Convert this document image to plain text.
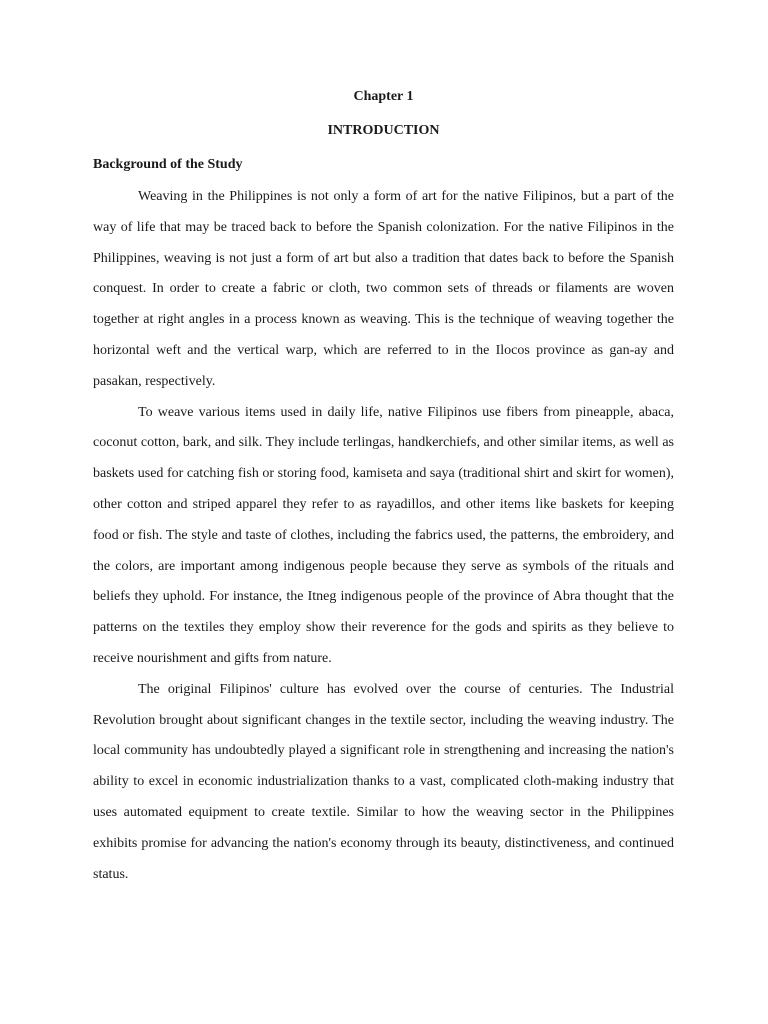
Chapter 1
INTRODUCTION
Background of the Study

Weaving in the Philippines is not only a form of art for the native Filipinos, but a part of the way of life that may be traced back to before the Spanish colonization. For the native Filipinos in the Philippines, weaving is not just a form of art but also a tradition that dates back to before the Spanish conquest. In order to create a fabric or cloth, two common sets of threads or filaments are woven together at right angles in a process known as weaving. This is the technique of weaving together the horizontal weft and the vertical warp, which are referred to in the Ilocos province as gan-ay and pasakan, respectively.

To weave various items used in daily life, native Filipinos use fibers from pineapple, abaca, coconut cotton, bark, and silk. They include terlingas, handkerchiefs, and other similar items, as well as baskets used for catching fish or storing food, kamiseta and saya (traditional shirt and skirt for women), other cotton and striped apparel they refer to as rayadillos, and other items like baskets for keeping food or fish. The style and taste of clothes, including the fabrics used, the patterns, the embroidery, and the colors, are important among indigenous people because they serve as symbols of the rituals and beliefs they uphold. For instance, the Itneg indigenous people of the province of Abra thought that the patterns on the textiles they employ show their reverence for the gods and spirits as they believe to receive nourishment and gifts from nature.

The original Filipinos' culture has evolved over the course of centuries. The Industrial Revolution brought about significant changes in the textile sector, including the weaving industry. The local community has undoubtedly played a significant role in strengthening and increasing the nation's ability to excel in economic industrialization thanks to a vast, complicated cloth-making industry that uses automated equipment to create textile. Similar to how the weaving sector in the Philippines exhibits promise for advancing the nation's economy through its beauty, distinctiveness, and continued status.
